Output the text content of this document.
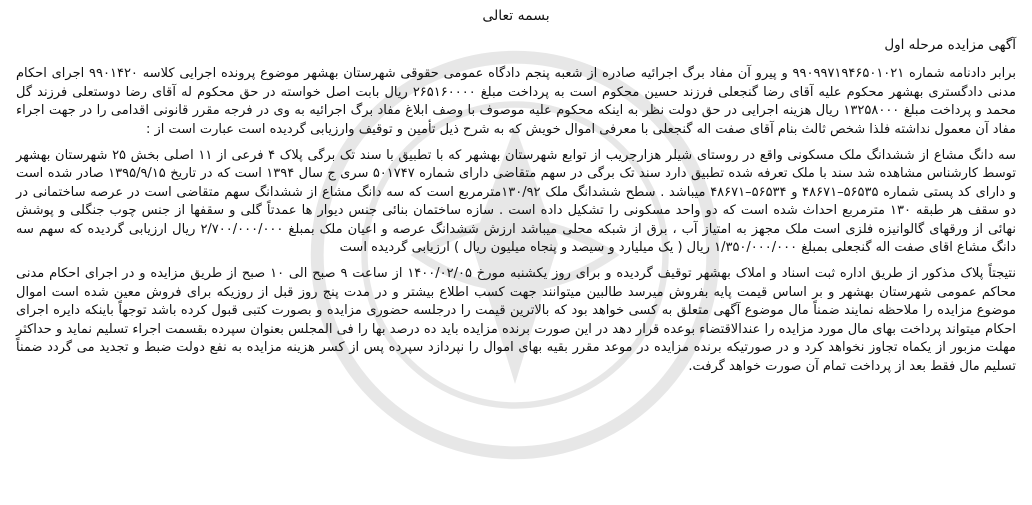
بسمه تعالی
آگهی مزایده مرحله اول
برابر دادنامه شماره ۹۹۰۹۹۷۱۹۴۶۵۰۱۰۲۱ و پیرو آن مفاد برگ اجرائیه صادره از شعبه پنجم دادگاه عمومی حقوقی شهرستان بهشهر موضوع پرونده اجرایی کلاسه ۹۹۰۱۴۲۰ اجرای احکام مدنی دادگستری بهشهر محکوم علیه آقای رضا گنجعلی فرزند حسین محکوم است به پرداخت مبلغ ۲۶۵۱۶۰۰۰۰ ریال بابت اصل خواسته در حق محکوم له آقای رضا دوستعلی فرزند گل محمد و پرداخت مبلغ ۱۳۲۵۸۰۰۰ ریال هزینه اجرایی در حق دولت نظر به اینکه محکوم علیه موصوف با وصف ابلاغ مفاد برگ اجرائیه به وی در فرجه مقرر قانونی اقدامی را در جهت اجراء مفاد آن معمول نداشته فلذا شخص ثالث بنام آقای صفت اله گنجعلی با معرفی اموال خویش که به شرح ذیل تأمین و توقیف وارزیابی گردیده است عبارت است از :
سه دانگ مشاع از ششدانگ ملک مسکونی واقع در روستای شیلر هزارجریب از توابع شهرستان بهشهر که با تطبیق با سند تک برگی پلاک ۴ فرعی از ۱۱ اصلی بخش ۲۵ شهرستان بهشهر توسط کارشناس مشاهده شد سند با ملک تعرفه شده تطبیق دارد سند تک برگی در سهم متقاضی دارای شماره ۵۰۱۷۴۷ سری ج سال ۱۳۹۴ است که در تاریخ ۱۳۹۵/۹/۱۵ صادر شده است و دارای کد پستی شماره ۵۶۵۳۵–۴۸۶۷۱ و ۵۶۵۳۴–۴۸۶۷۱ میباشد . سطح ششدانگ ملک ۱۳۰/۹۲مترمربع است که سه دانگ مشاع از ششدانگ سهم متقاضی است در عرصه ساختمانی در دو سقف هر طبقه ۱۳۰ مترمربع احداث شده است که دو واحد مسکونی را تشکیل داده است . سازه ساختمان بنائی جنس دیوار ها عمدتاً گلی و سقفها از جنس چوب جنگلی و پوشش نهائی از ورقهای گالوانیزه فلزی است ملک مجهز به امتیاز آب ، برق از شبکه محلی میباشد ارزش ششدانگ عرصه و اعیان ملک بمبلغ ۲/۷۰۰/۰۰۰/۰۰۰ ریال ارزیابی گردیده که سهم سه دانگ مشاع اقای صفت اله گنجعلی بمبلغ ۱/۳۵۰/۰۰۰/۰۰۰ ریال ( یک میلیارد و سیصد و پنجاه میلیون ریال ) ارزیابی گردیده است
نتیجتاً پلاک مذکور از طریق اداره ثبت اسناد و املاک بهشهر توقیف گردیده و برای روز یکشنبه مورخ ۱۴۰۰/۰۲/۰۵ از ساعت ۹ صبح الی ۱۰ صبح از طریق مزایده و در اجرای احکام مدنی محاکم عمومی شهرستان بهشهر و بر اساس قیمت پایه بفروش میرسد طالبین میتوانند جهت کسب اطلاع بیشتر و در مدت پنج روز قبل از روزیکه برای فروش معین شده است اموال موضوع مزایده را ملاحظه نمایند ضمناً مال موضوع آگهی متعلق به کسی خواهد بود که بالاترین قیمت را درجلسه حضوری مزایده و بصورت کتبی قبول کرده باشد توجهاً باینکه دایره اجرای احکام میتواند پرداخت بهای مال مورد مزایده را عندالاقتضاء بوعده قرار دهد در این صورت برنده مزایده باید ده درصد بها را فی المجلس بعنوان سپرده بقسمت اجراء تسلیم نماید و حداکثر مهلت مزبور از یکماه تجاوز نخواهد کرد و در صورتیکه برنده مزایده در موعد مقرر بقیه بهای اموال را نپردازد سپرده پس از کسر هزینه مزایده به نفع دولت ضبط و تجدید می گردد ضمناً تسلیم مال فقط بعد از پرداخت تمام آن صورت خواهد گرفت.
